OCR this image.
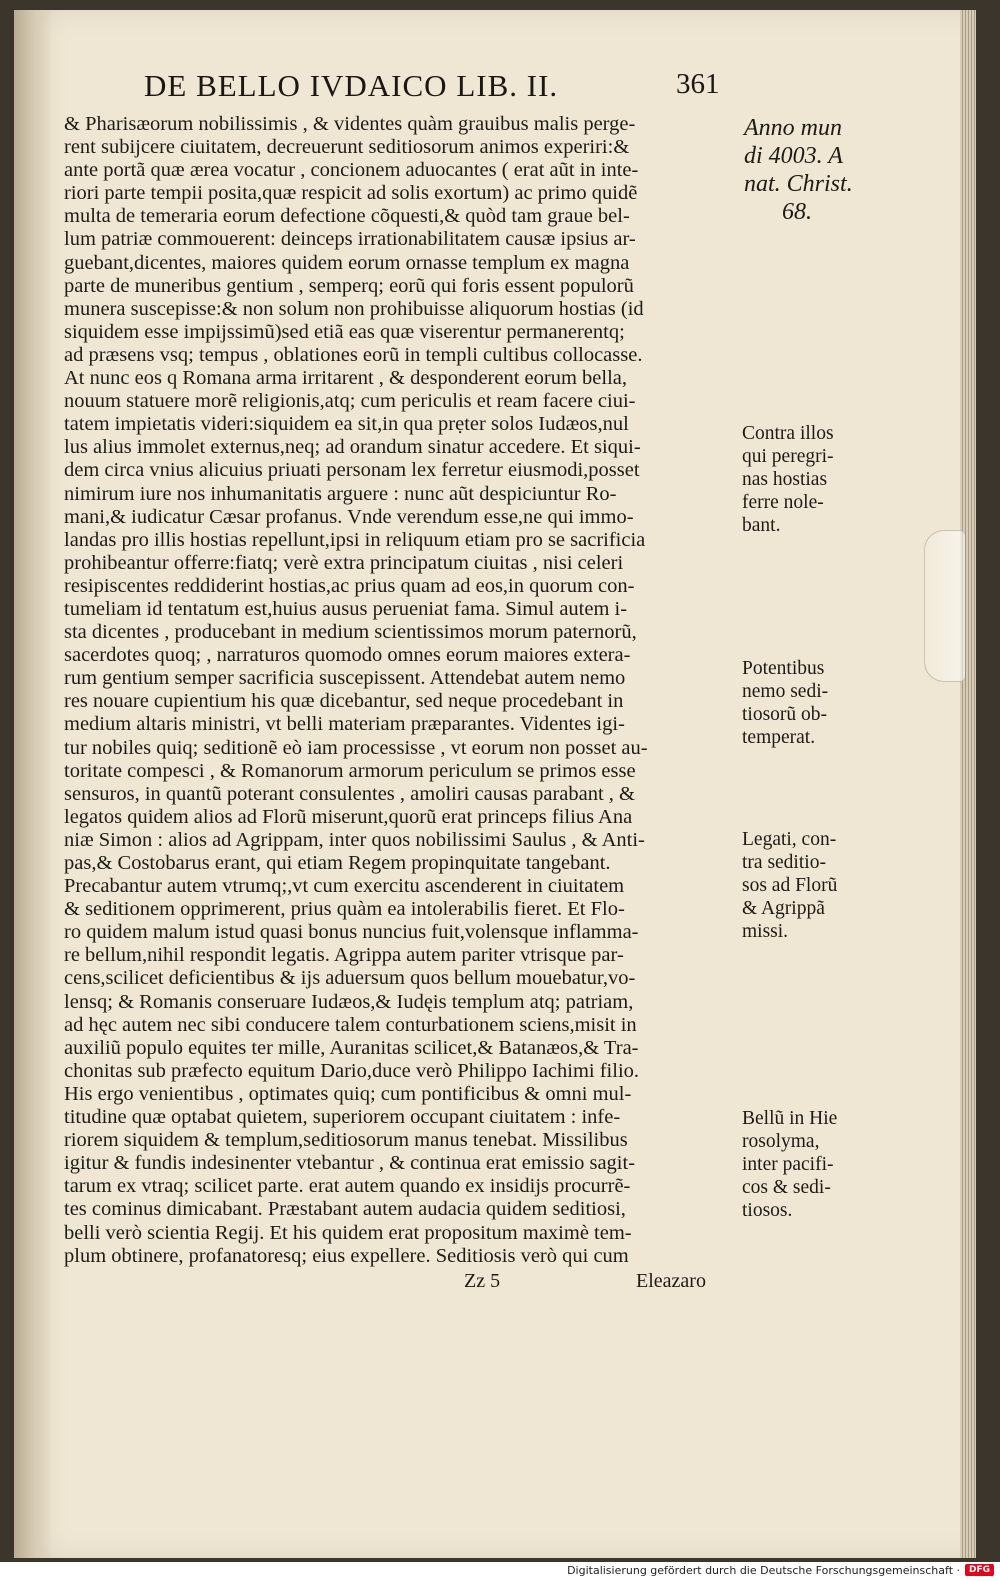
DE BELLO IVDAICO LIB. II.	361
& Pharisæorum nobilissimis , & videntes quàm grauibus malis perge-
rent subijcere ciuitatem, decreuerunt seditiosorum animos experiri:&
ante portã quæ ærea vocatur , concionem aduocantes ( erat aũt in inte-
riori parte tempii posita,quæ respicit ad solis exortum) ac primo quidẽ
multa de temeraria eorum defectione cõquesti,& quòd tam graue bel-
lum patriæ commouerent: deinceps irrationabilitatem causæ ipsius ar-
guebant,dicentes, maiores quidem eorum ornasse templum ex magna
parte de muneribus gentium , semperq; eorũ qui foris essent populorũ
munera suscepisse:& non solum non prohibuisse aliquorum hostias (id
siquidem esse impijssimũ)sed etiã eas quæ viserentur permanerentq;
ad præsens vsq; tempus , oblationes eorũ in templi cultibus collocasse.
At nunc eos q Romana arma irritarent , & desponderent eorum bella,
nouum statuere morẽ religionis,atq; cum periculis et ream facere ciui-
tatem impietatis videri:siquidem ea sit,in qua prẹter solos Iudæos,nul
lus alius immolet externus,neq; ad orandum sinatur accedere. Et siqui-
dem circa vnius alicuius priuati personam lex ferretur eiusmodi,posset
nimirum iure nos inhumanitatis arguere : nunc aũt despiciuntur Ro-
mani,& iudicatur Cæsar profanus. Vnde verendum esse,ne qui immo-
landas pro illis hostias repellunt,ipsi in reliquum etiam pro se sacrificia
prohibeantur offerre:fiatq; verè extra principatum ciuitas , nisi celeri
resipiscentes reddiderint hostias,ac prius quam ad eos,in quorum con-
tumeliam id tentatum est,huius ausus perueniat fama. Simul autem i-
sta dicentes , producebant in medium scientissimos morum paternorũ,
sacerdotes quoq; , narraturos quomodo omnes eorum maiores extera-
rum gentium semper sacrificia suscepissent. Attendebat autem nemo
res nouare cupientium his quæ dicebantur, sed neque procedebant in
medium altaris ministri, vt belli materiam præparantes. Videntes igi-
tur nobiles quiq; seditionẽ eò iam processisse , vt eorum non posset au-
toritate compesci , & Romanorum armorum periculum se primos esse
sensuros, in quantũ poterant consulentes , amoliri causas parabant , &
legatos quidem alios ad Florũ miserunt,quorũ erat princeps filius Ana
niæ Simon : alios ad Agrippam, inter quos nobilissimi Saulus , & Anti-
pas,& Costobarus erant, qui etiam Regem propinquitate tangebant.
Precabantur autem vtrumq;,vt cum exercitu ascenderent in ciuitatem
& seditionem opprimerent, prius quàm ea intolerabilis fieret. Et Flo-
ro quidem malum istud quasi bonus nuncius fuit,volensque inflamma-
re bellum,nihil respondit legatis. Agrippa autem pariter vtrisque par-
cens,scilicet deficientibus & ijs aduersum quos bellum mouebatur,vo-
lensq; & Romanis conseruare Iudæos,& Iudęis templum atq; patriam,
ad hęc autem nec sibi conducere talem conturbationem sciens,misit in
auxiliũ populo equites ter mille, Auranitas scilicet,& Batanæos,& Tra-
chonitas sub præfecto equitum Dario,duce verò Philippo Iachimi filio.
His ergo venientibus , optimates quiq; cum pontificibus & omni mul-
titudine quæ optabat quietem, superiorem occupant ciuitatem : infe-
riorem siquidem & templum,seditiosorum manus tenebat. Missilibus
igitur & fundis indesinenter vtebantur , & continua erat emissio sagit-
tarum ex vtraq; scilicet parte. erat autem quando ex insidijs procurrẽ-
tes cominus dimicabant. Præstabant autem audacia quidem seditiosi,
belli verò scientia Regij. Et his quidem erat propositum maximè tem-
plum obtinere, profanatoresq; eius expellere. Seditiosis verò qui cum
Anno mun
di 4003. A
nat. Christ.
68.
Contra illos
qui peregri-
nas hostias
ferre nole-
bant.
Potentibus
nemo sedi-
tiosorũ ob-
temperat.
Legati, con-
tra seditio-
sos ad Florũ
& Agrippã
missi.
Bellũ in Hie
rosolyma,
inter pacifi-
cos & sedi-
tiosos.
Zz 5	Eleazaro
Digitalisierung gefördert durch die Deutsche Forschungsgemeinschaft · DFG
